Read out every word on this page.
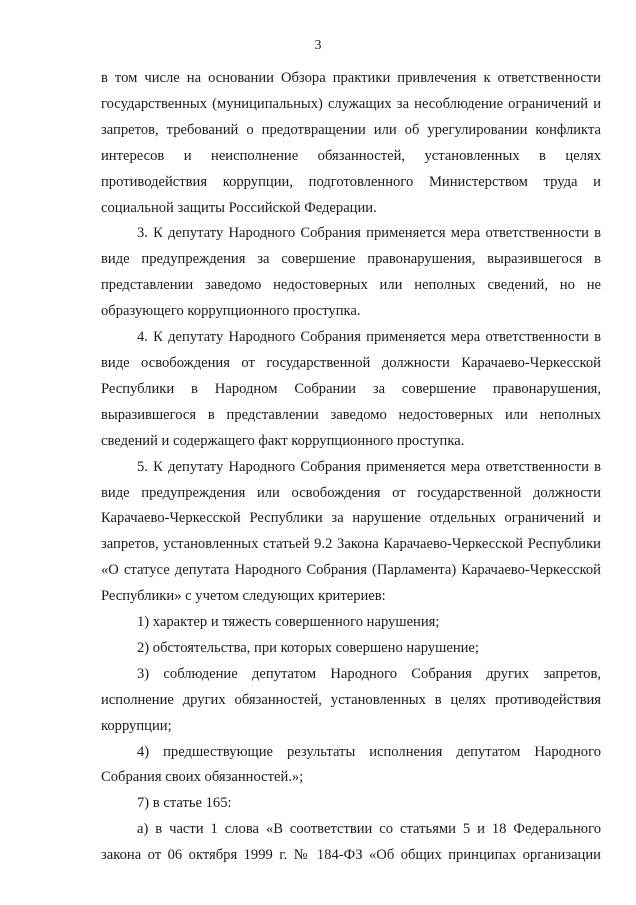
3

в том числе на основании Обзора практики привлечения к ответственности государственных (муниципальных) служащих за несоблюдение ограничений и запретов, требований о предотвращении или об урегулировании конфликта интересов и неисполнение обязанностей, установленных в целях противодействия коррупции, подготовленного Министерством труда и социальной защиты Российской Федерации.

3. К депутату Народного Собрания применяется мера ответственности в виде предупреждения за совершение правонарушения, выразившегося в представлении заведомо недостоверных или неполных сведений, но не образующего коррупционного проступка.

4. К депутату Народного Собрания применяется мера ответственности в виде освобождения от государственной должности Карачаево-Черкесской Республики в Народном Собрании за совершение правонарушения, выразившегося в представлении заведомо недостоверных или неполных сведений и содержащего факт коррупционного проступка.

5. К депутату Народного Собрания применяется мера ответственности в виде предупреждения или освобождения от государственной должности Карачаево-Черкесской Республики за нарушение отдельных ограничений и запретов, установленных статьей 9.2 Закона Карачаево-Черкесской Республики «О статусе депутата Народного Собрания (Парламента) Карачаево-Черкесской Республики» с учетом следующих критериев:

1) характер и тяжесть совершенного нарушения;

2) обстоятельства, при которых совершено нарушение;

3) соблюдение депутатом Народного Собрания других запретов, исполнение других обязанностей, установленных в целях противодействия коррупции;

4) предшествующие результаты исполнения депутатом Народного Собрания своих обязанностей.»;

7) в статье 165:

а) в части 1 слова «В соответствии со статьями 5 и 18 Федерального закона от 06 октября 1999 г. № 184-ФЗ «Об общих принципах организации
